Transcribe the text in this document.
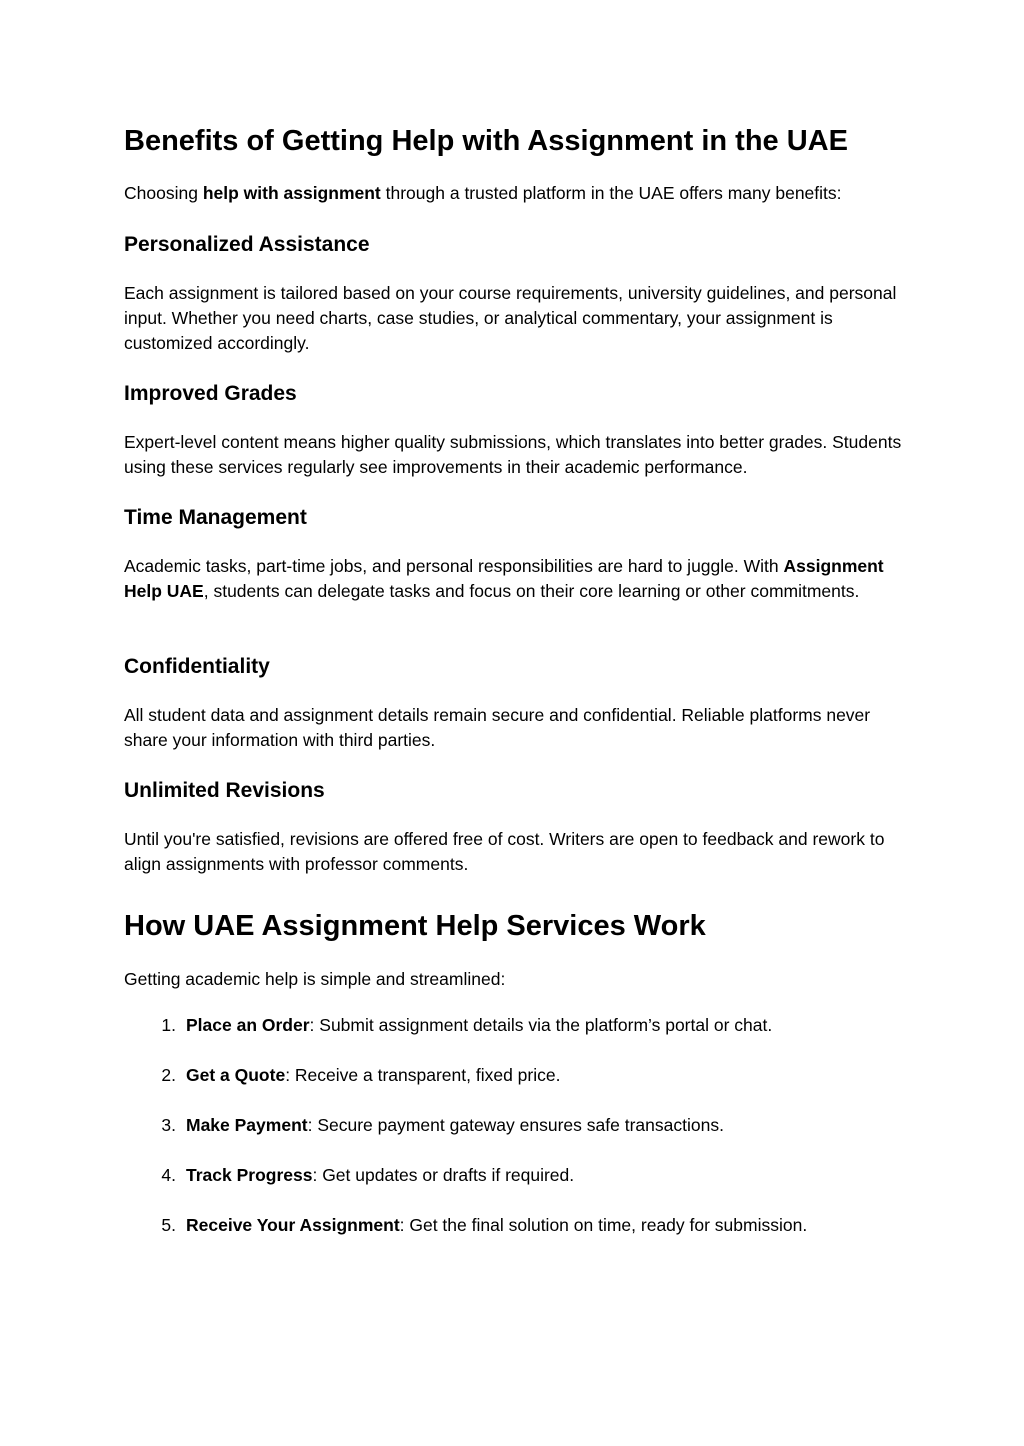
Benefits of Getting Help with Assignment in the UAE

Choosing help with assignment through a trusted platform in the UAE offers many benefits:

Personalized Assistance

Each assignment is tailored based on your course requirements, university guidelines, and personal input. Whether you need charts, case studies, or analytical commentary, your assignment is customized accordingly.

Improved Grades

Expert-level content means higher quality submissions, which translates into better grades. Students using these services regularly see improvements in their academic performance.

Time Management

Academic tasks, part-time jobs, and personal responsibilities are hard to juggle. With Assignment Help UAE, students can delegate tasks and focus on their core learning or other commitments.

Confidentiality

All student data and assignment details remain secure and confidential. Reliable platforms never share your information with third parties.

Unlimited Revisions

Until you're satisfied, revisions are offered free of cost. Writers are open to feedback and rework to align assignments with professor comments.

How UAE Assignment Help Services Work

Getting academic help is simple and streamlined:

1. Place an Order: Submit assignment details via the platform’s portal or chat.
2. Get a Quote: Receive a transparent, fixed price.
3. Make Payment: Secure payment gateway ensures safe transactions.
4. Track Progress: Get updates or drafts if required.
5. Receive Your Assignment: Get the final solution on time, ready for submission.
